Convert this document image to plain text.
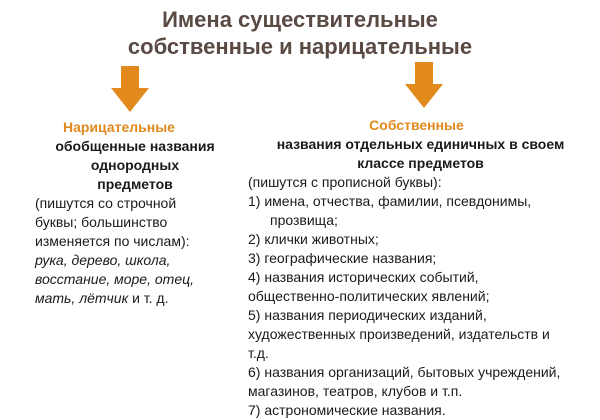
Имена существительные
собственные и нарицательные
Нарицательные
обобщенные названия
однородных
предметов
(пишутся со строчной
буквы; большинство
изменяется по числам):
рука, дерево, школа,
восстание, море, отец,
мать, лётчик и т. д.
Собственные
названия отдельных единичных в своем
классе предметов
(пишутся с прописной буквы):
1) имена, отчества, фамилии, псевдонимы,
прозвища;
2) клички животных;
3) географические названия;
4) названия исторических событий,
общественно-политических явлений;
5) названия периодических изданий,
художественных произведений, издательств и
т.д.
6) названия организаций, бытовых учреждений,
магазинов, театров, клубов и т.п.
7) астрономические названия.
